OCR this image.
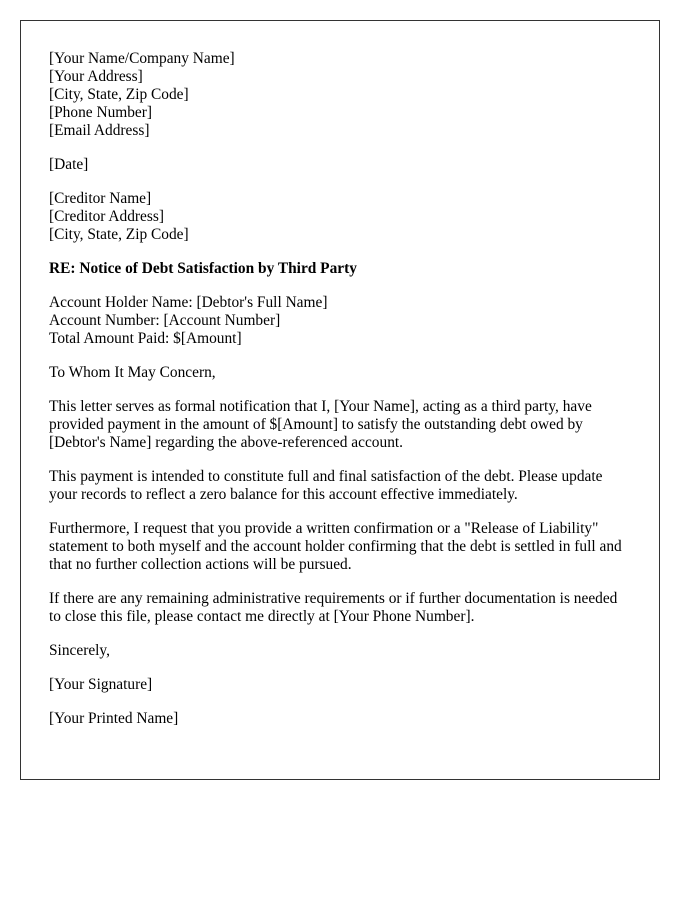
[Your Name/Company Name]
[Your Address]
[City, State, Zip Code]
[Phone Number]
[Email Address]
[Date]
[Creditor Name]
[Creditor Address]
[City, State, Zip Code]
RE: Notice of Debt Satisfaction by Third Party
Account Holder Name: [Debtor's Full Name]
Account Number: [Account Number]
Total Amount Paid: $[Amount]

To Whom It May Concern,

This letter serves as formal notification that I, [Your Name], acting as a third party, have provided payment in the amount of $[Amount] to satisfy the outstanding debt owed by [Debtor's Name] regarding the above-referenced account.

This payment is intended to constitute full and final satisfaction of the debt. Please update your records to reflect a zero balance for this account effective immediately.

Furthermore, I request that you provide a written confirmation or a "Release of Liability" statement to both myself and the account holder confirming that the debt is settled in full and that no further collection actions will be pursued.

If there are any remaining administrative requirements or if further documentation is needed to close this file, please contact me directly at [Your Phone Number].

Sincerely,

[Your Signature]

[Your Printed Name]
